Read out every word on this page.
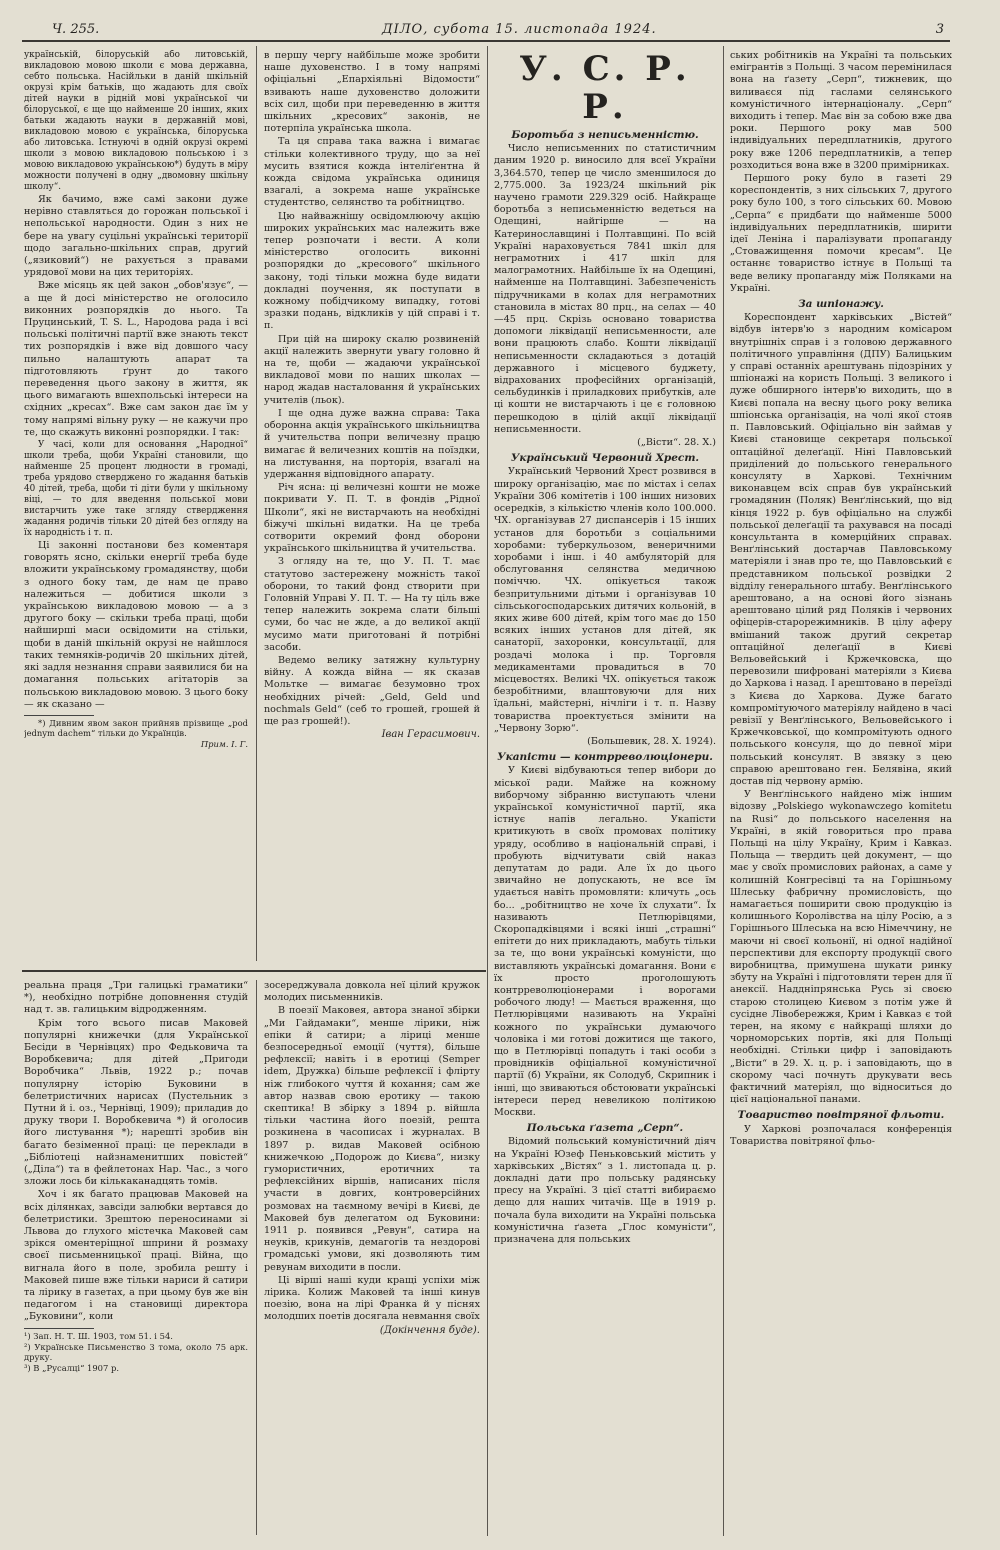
Ч. 255.	ДІЛО, субота 15. листопада 1924.	3

українській, білоруській або литовській, викладовою мовою школи є мова державна, себто польська. Насійльки в даній шкільній окрузі крім батьків, що жадають для своїх дітей науки в рідній мові української чи білоруської, є ще що найменше 20 інших, яких батьки жадають науки в державній мові, викладовою мовою є українська, білоруська або литовська. Істнуючі в одній окрузі окремі школи з мовою викладовою польською і з мовою викладовою українською*) будуть в міру можности получені в одну „двомовну шкільну школу“.

Як бачимо, вже самі закони дуже нерівно ставляться до горожан польської і непольської народности. Один з них не бере на увагу суцільні українські території щодо загально-шкільних справ, другий („язиковий“) не рахується з правами урядової мови на цих територіях.

Вже місяць як цей закон „обов'язує“, — а ще й досі міністерство не оголосило виконних розпорядків до нього. Та Пруцинський, T. S. L., Народова рада і всі польські політичні партії вже знають текст тих розпорядків і вже від довшого часу пильно налаштують апарат та підготовляють ґрунт до такого переведення цього закону в життя, як цього вимагають вшехпольські інтереси на східних „кресах“. Вже сам закон дає їм у тому напрямі вільну руку — не кажучи про те, що скажуть виконні розпорядки. І так:

У часі, коли для основання „Народної“ школи треба, щоби Україні становили, що найменше 25 процент людности в громаді, треба урядово стверджено го жадання батьків 40 дітей, треба, щоби ті діти були у шкільному віці, — то для введення польської мови вистарчить уже таке згляду ствердження жадання родичів тільки 20 дітей без огляду на їх народність і т. п.

Ці законні постанови без коментаря говорять ясно, скільки енергії треба буде вложити українському громадянству, щоби з одного боку там, де нам це право належиться — добитися школи з українською викладовою мовою — а з другого боку — скільки треба праці, щоби найширші маси освідомити на стільки, щоби в даній шкільній окрузі не найшлося таких темняків-родичів 20 шкільних дітей, які задля незнання справи заявилися би на домагання польських агітаторів за польською викладовою мовою. З цього боку — як сказано —

*) Дивним явом закон прийняв прізвище „pod jednym dachem“ тільки до Українців.

Прим. І. Г.

в першу чергу найбільше може зробити наше духовенство. І в тому напрямі офіціальні „Епархіяльні Відомости“ взивають наше духовенство доложити всіх сил, щоби при переведенню в життя шкільних „кресових“ законів, не потерпіла українська школа.

Та ця справа така важна і вимагає стільки колективного труду, що за неї мусить взятися кожда інтеліґентна й кожда свідома українська одиниця взагалі, а зокрема наше українське студентство, селянство та робітництво.

Цю найважнішу освідомлюючу акцію широких українських мас належить вже тепер розпочати і вести. А коли міністерство оголосить виконні розпорядки до „кресового“ шкільного закону, тоді тільки можна буде видати докладні поучення, як поступати в кожному побідчикому випадку, готові зразки подань, відкликів у цій справі і т. п.

При цій на широку скалю розвиненій акції належить звернути увагу головно й на те, щоби — жадаючи української викладової мови по наших школах — народ жадав насталовання й українських учителів (льок).

І ще одна дуже важна справа: Така оборонна акція українського шкільництва й учительства попри величезну працю вимагає й величезних коштів на поїздки, на листування, на порторія, взагалі на удержання відповідного апарату.

Річ ясна: ці величезні кошти не може покривати У. П. Т. в фондів „Рідної Школи“, які не вистарчають на необхідні біжучі шкільні видатки. На це треба сотворити окремий фонд оборони українського шкільництва й учительства.

З огляду на те, що У. П. Т. має статутово застережену можність такої оборони, то такий фонд створити при Головній Управі У. П. Т. — На ту ціль вже тепер належить зокрема слати більші суми, бо час не жде, а до великої акції мусимо мати приготовані й потрібні засоби.

Ведемо велику затяжну культурну війну. А кожда війна — як сказав Мольтке — вимагає безумовно трох необхідних річей: „Geld, Geld und nochmals Geld“ (себ то грошей, грошей й ще раз грошей!).

Іван Герасимович.

реальна праця „Три галицькі граматики“ *), необхідно потрібне доповнення студій над т. зв. галицьким відродженням.

Крім того всього писав Маковей популярні книжечки (для Української Бесіди в Чернівцях) про Федьковича та Воробкевича; для дітей „Пригоди Воробчика“ Львів, 1922 р.; почав популярну історію Буковини в белетристичних нарисах (Пустельник з Путни й і. оз., Чернівці, 1909); приладив до друку твори І. Воробкевича *) й оголосив його листування *); нарешті зробив він багато безіменної праці: це переклади в „Бібліотеці найзнаменитших повістей“ („Діла“) та в фейлетонах Нар. Час., з чого зложи лось би кількаканадцять томів.

Хоч і як багато працював Маковей на всіх ділянках, завсіди залюбки вертався до белетристики. Зрештою переносинами зі Львова до глухого містечка Маковей сам зрікся оментеріщної шприни й розмаху своєї письменницької праці. Війна, що вигнала його в поле, зробила решту і Маковей пише вже тільки нариси й сатири та лірику в газетах, а при цьому був же він педагогом і на становищі директора „Буковини“, коли

¹) Зап. Н. Т. Ш. 1903, том 51. і 54.

²) Українське Письменство 3 тома, около 75 арк. друку.

³) В „Русалці“ 1907 р.

зосереджувала довкола неї цілий кружок молодих письменників.

В поезії Маковея, автора знаної збірки „Ми Гайдамаки“, менше лірики, ніж епіки й сатири; а ліриці менше безпосередньої емоції (чуття), більше рефлексії; навіть і в еротиці (Semper idem, Дружка) більше рефлексії і флірту ніж глибокого чуття й кохання; сам же автор назвав свою еротику — такою скептика! В збірку з 1894 р. війшла тільки частина його поезій, решта розкинена в часописах і журналах. В 1897 р. видав Маковей осібною книжечкою „Подорож до Києва“, низку гумористичних, еротичних та рефлексійних віршів, написаних після участи в довгих, контроверсійних розмовах на таємному вечірі в Києві, де Маковей був делегатом од Буковини: 1911 р. появився „Ревун“, сатира на неуків, крикунів, демагогів та нездорові громадські умови, які дозволяють тим ревунам виходити в посли.

Ці вірші наші куди кращі успіхи між лірика. Колиж Маковей та інші кинув поезію, вона на лірі Франка й у піснях молодших поетів досягала невмання своїх

(Докінчення буде).

У. С. Р. Р.
Боротьба з неписьменністю.

Число неписьменних по статистичним даним 1920 р. виносило для всеї України 3,364.570, тепер це число зменшилося до 2,775.000. За 1923/24 шкільний рік научено грамоти 229.329 осіб. Найкраще боротьба з неписьменністю ведеться на Одещині, найгірше — на Катеринославщині і Полтавщині. По всій Україні нараховується 7841 шкіл для неграмотних і 417 шкіл для малограмотних. Найбільше їх на Одещині, найменше на Полтавщині. Забезпеченість підручниками в колах для неграмотних становила в містах 80 прц., на селах — 40—45 прц. Скрізь основано товариства допомоги ліквідації неписьменности, але вони працюють слабо. Кошти ліквідації неписьменности складаються з дотацій державного і місцевого буджету, відрахованих професійних організацій, сельбудинків і приладкових прибутків, але ці кошти не вистарчають і це є головною перешкодою в цілій акції ліквідації неписьменности.

(„Вісти“. 28. X.)

Український Червоний Хрест.

Український Червоний Хрест розвився в широку організацію, має по містах і селах України 306 комітетів і 100 інших низових осередків, з кількістю членів коло 100.000. ЧХ. організував 27 диспансерів і 15 інших установ для боротьби з соціальними хоробами: туберкульозом, венеричними хоробами і інш. і 40 амбуляторій для обслуговання селянства медичною поміччю. ЧХ. опікується також безпритульними дітьми і організував 10 сільськогосподарських дитячих кольоній, в яких живе 600 дітей, крім того має до 150 всяких інших установ для дітей, як санаторії, захоронки, консультації, для роздачі молока і пр. Торговля медикаментами провадиться в 70 місцевостях. Великі ЧХ. опікується також безробітними, влаштовуючи для них їдальні, майстерні, нічліги і т. п. Назву товариства проектується змінити на „Червону Зорю“.

(Большевик, 28. X. 1924).

Укапісти — контрреволюціонери.

У Києві відбуваються тепер вибори до міської ради. Майже на кожному виборчому зібранню виступають члени української комуністичної партії, яка істнує напів легально. Укапісти критикують в своїх промовах політику уряду, особливо в національній справі, і пробують відчитувати свій наказ депутатам до ради. Але їх до цього звичайно не допускають, не все їм удається навіть промовляти: кличуть „ось бо... „робітництво не хоче їх слухати“. Їх називають Петлюрівцями, Скоропадківцями і всякі інші „страшні“ епітети до них прикладають, мабуть тільки за те, що вони українські комуністи, що виставляють українські домагання. Вони є їх просто проголошують контрреволюціонерами і ворогами робочого люду! — Мається враження, що Петлюрівцями називають на Україні кожного по українськи думаючого чоловіка і ми готові дожитися ще такого, що в Петлюрівці попадуть і такі особи з провідників офіціальної комуністичної партії (б) України, як Солодуб, Скрипник і інші, що звиваються обстоювати українські інтереси перед невеликою політикою Москви.

Польська ґазета „Серп“.

Відомий польський комуністичний діяч на Україні Юзеф Пеньковський містить у харківських „Вістях“ з 1. листопада ц. р. докладні дати про польську радянську пресу на Україні. З цієї статті вибираємо дещо для наших читачів. Ще в 1919 р. почала була виходити на Україні польська комуністична ґазета „Глос комуністи“, призначена для польських

ських робітників на Україні та польських емігрантів з Польщі. З часом перемінилася вона на ґазету „Серп“, тижневик, що виливаєся під гаслами селянського комуністичного інтернаціоналу. „Серп“ виходить і тепер. Має він за собою вже два роки. Першого року мав 500 індивідуальних передплатників, другого року вже 1206 передплатників, а тепер розходиться вона вже в 3200 примірниках.

Першого року було в газеті 29 кореспондентів, з них сільських 7, другого року було 100, з того сільських 60. Мовою „Серпа“ є придбати що найменше 5000 індивідуальних передплатників, ширити ідеї Леніна і паралізувати пропаганду „Стоважищення помочи кресам“. Це останнє товариство істнує в Польщі та веде велику пропаганду між Поляками на Україні.

За шпіонажу.

Кореспондент харківських „Вістей“ відбув інтерв'ю з народним комісаром внутрішніх справ і з головою державного політичного управління (ДПУ) Балицьким у справі останніх арештувань підозріних у шпіонажі на користь Польщі. З великого і дуже обширного інтерв'ю виходить, що в Києві попала на весну цього року велика шпіонська організація, на чолі якої стояв п. Павловський. Офіціально він займав у Києві становище секретаря польської оптаційної делеґації. Ніні Павловський приділений до польського генерального консуляту в Харкові. Технічним виконавцем всіх справ був український громадянин (Поляк) Венґлінський, що від кінця 1922 р. був офіціально на службі польської делеґації та рахувався на посаді консультанта в комерційних справах. Венґлінський достарчав Павловському матеріяли і знав про те, що Павловський є представником польської розвідки 2 відділу генерального штабу. Венґлінського арештовано, а на основі його зізнань арештовано цілий ряд Поляків і червоних офіцерів-старорежимників. В цілу аферу вмішаний також другий секретар оптаційної делеґації в Києві Вельовейський і Кржечковска, що перевозили шифровані матеріяли з Києва до Харкова і назад. І арештовано в переїзді з Києва до Харкова. Дуже багато компромітуючого матеріялу найдено в часі ревізії у Венґлінського, Вельовейського і Кржечковської, що компромітують одного польського консуля, що до певної міри польський консулят. В звязку з цею справою арештовано ген. Белявіна, який достав під червону армію.

У Венґлінського найдено між іншим відозву „Polskiego wykonawczego komitetu na Rusi“ до польського населення на Україні, в якій говориться про права Польщі на цілу Україну, Крим і Кавказ. Польща — твердить цей документ, — що має у своїх промислових районах, а саме у колишній Конгресівці та на Горішньому Шлеську фабричну промисловість, що намагається поширити свою продукцію із колишнього Королівства на цілу Росію, а з Горішнього Шлеська на всю Німеччину, не маючи ні своєї кольонії, ні одної надійної перспективи для експорту продукції свого виробництва, примушена шукати ринку збуту на Україні і підготовляти терен для її анексії. Наддніпрянська Русь зі своєю старою столицею Києвом з потім уже й сусідне Лівобережжя, Крим і Кавказ є той терен, на якому є найкращі шляхи до чорноморських портів, які для Польщі необхідні. Стільки цифр і заповідають „Вісти“ в 29. X. ц. р. і заповідають, що в скорому часі почнуть друкувати весь фактичний матеріял, що відноситься до цієї національної панами.

Товариство повітряної фльоти.

У Харкові розпочалася конференція Товариства повітряної фльо-
